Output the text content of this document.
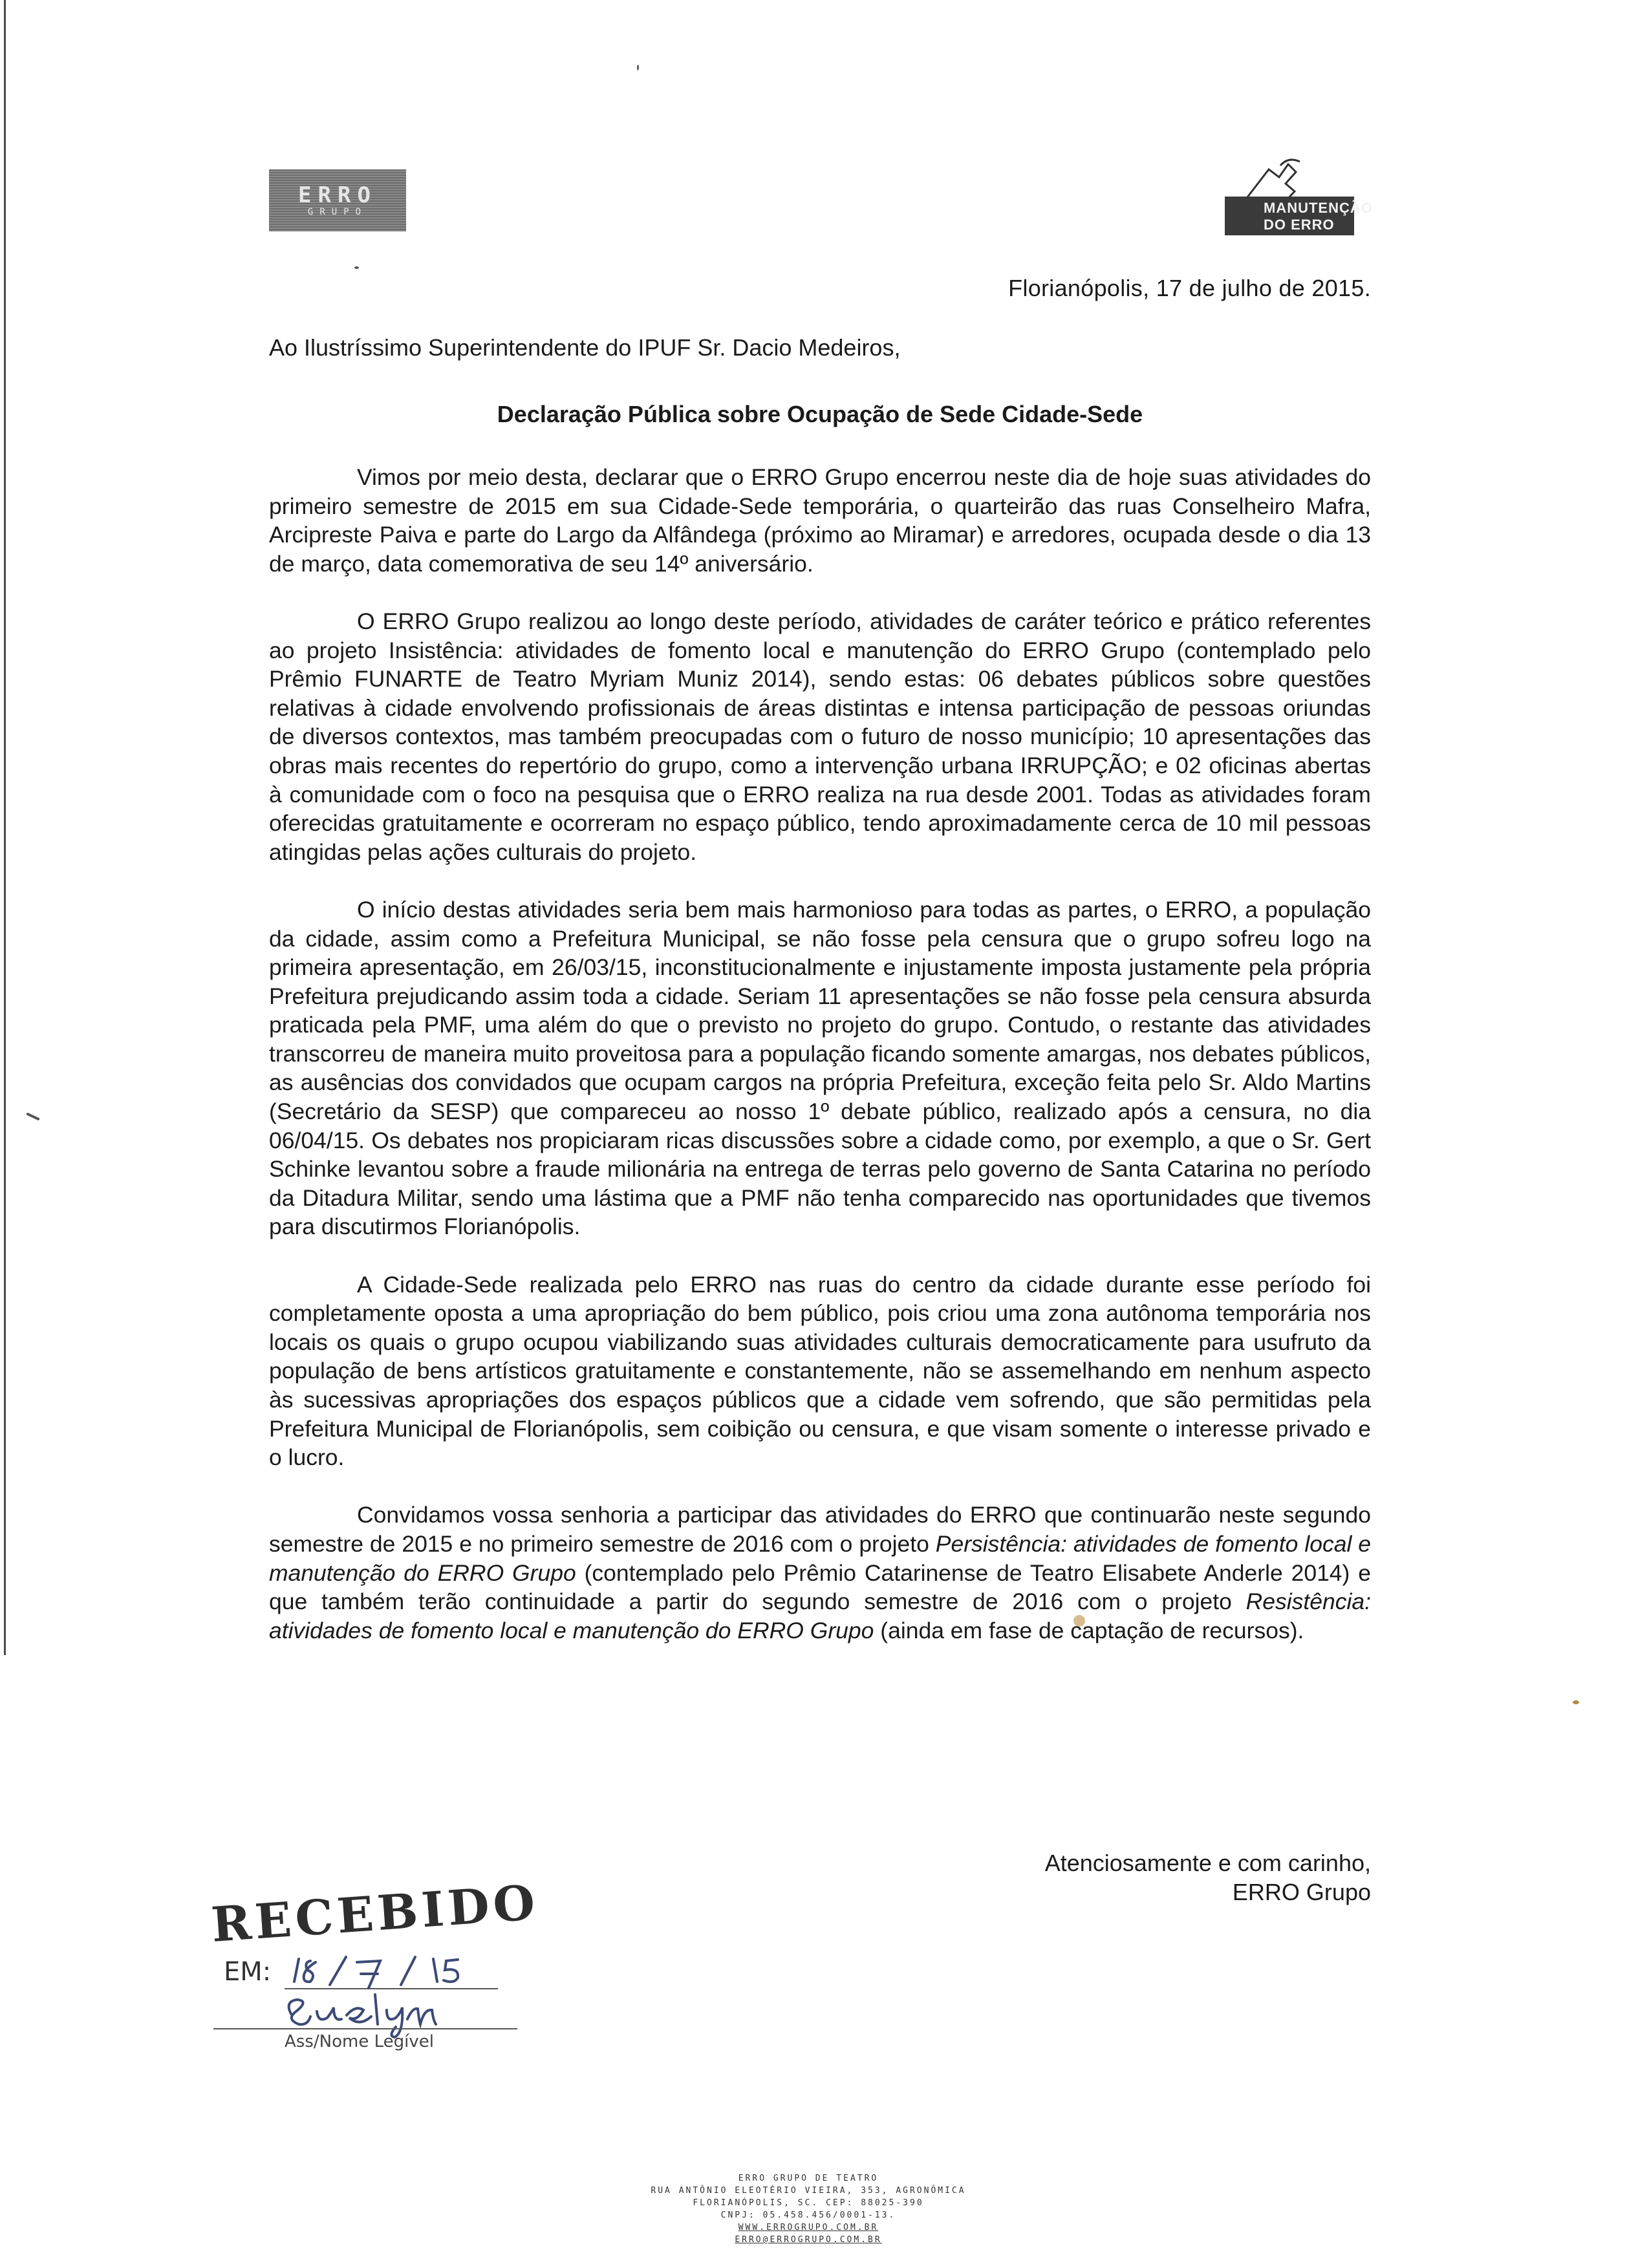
ERRO
GRUPO	MANUTENÇÃO
DO ERRO
Florianópolis, 17 de julho de 2015.
Ao Ilustríssimo Superintendente do IPUF Sr. Dacio Medeiros,
Declaração Pública sobre Ocupação de Sede Cidade-Sede

Vimos por meio desta, declarar que o ERRO Grupo encerrou neste dia de hoje suas atividades do primeiro semestre de 2015 em sua Cidade-Sede temporária, o quarteirão das ruas Conselheiro Mafra, Arcipreste Paiva e parte do Largo da Alfândega (próximo ao Miramar) e arredores, ocupada desde o dia 13 de março, data comemorativa de seu 14º aniversário.

O ERRO Grupo realizou ao longo deste período, atividades de caráter teórico e prático referentes ao projeto Insistência: atividades de fomento local e manutenção do ERRO Grupo (contemplado pelo Prêmio FUNARTE de Teatro Myriam Muniz 2014), sendo estas: 06 debates públicos sobre questões relativas à cidade envolvendo profissionais de áreas distintas e intensa participação de pessoas oriundas de diversos contextos, mas também preocupadas com o futuro de nosso município; 10 apresentações das obras mais recentes do repertório do grupo, como a intervenção urbana IRRUPÇÃO; e 02 oficinas abertas à comunidade com o foco na pesquisa que o ERRO realiza na rua desde 2001. Todas as atividades foram oferecidas gratuitamente e ocorreram no espaço público, tendo aproximadamente cerca de 10 mil pessoas atingidas pelas ações culturais do projeto.

O início destas atividades seria bem mais harmonioso para todas as partes, o ERRO, a população da cidade, assim como a Prefeitura Municipal, se não fosse pela censura que o grupo sofreu logo na primeira apresentação, em 26/03/15, inconstitucionalmente e injustamente imposta justamente pela própria Prefeitura prejudicando assim toda a cidade. Seriam 11 apresentações se não fosse pela censura absurda praticada pela PMF, uma além do que o previsto no projeto do grupo. Contudo, o restante das atividades transcorreu de maneira muito proveitosa para a população ficando somente amargas, nos debates públicos, as ausências dos convidados que ocupam cargos na própria Prefeitura, exceção feita pelo Sr. Aldo Martins (Secretário da SESP) que compareceu ao nosso 1º debate público, realizado após a censura, no dia 06/04/15. Os debates nos propiciaram ricas discussões sobre a cidade como, por exemplo, a que o Sr. Gert Schinke levantou sobre a fraude milionária na entrega de terras pelo governo de Santa Catarina no período da Ditadura Militar, sendo uma lástima que a PMF não tenha comparecido nas oportunidades que tivemos para discutirmos Florianópolis.

A Cidade-Sede realizada pelo ERRO nas ruas do centro da cidade durante esse período foi completamente oposta a uma apropriação do bem público, pois criou uma zona autônoma temporária nos locais os quais o grupo ocupou viabilizando suas atividades culturais democraticamente para usufruto da população de bens artísticos gratuitamente e constantemente, não se assemelhando em nenhum aspecto às sucessivas apropriações dos espaços públicos que a cidade vem sofrendo, que são permitidas pela Prefeitura Municipal de Florianópolis, sem coibição ou censura, e que visam somente o interesse privado e o lucro.

Convidamos vossa senhoria a participar das atividades do ERRO que continuarão neste segundo semestre de 2015 e no primeiro semestre de 2016 com o projeto Persistência: atividades de fomento local e manutenção do ERRO Grupo (contemplado pelo Prêmio Catarinense de Teatro Elisabete Anderle 2014) e que também terão continuidade a partir do segundo semestre de 2016 com o projeto Resistência: atividades de fomento local e manutenção do ERRO Grupo (ainda em fase de captação de recursos).

Atenciosamente e com carinho,
ERRO Grupo
RECEBIDO
EM:
Ass/Nome Legível
ERRO GRUPO DE TEATRO
RUA ANTÔNIO ELEOTÉRIO VIEIRA, 353, AGRONÔMICA
FLORIANÓPOLIS, SC. CEP: 88025-390
CNPJ: 05.458.456/0001-13.
WWW.ERROGRUPO.COM.BR
ERRO@ERROGRUPO.COM.BR
